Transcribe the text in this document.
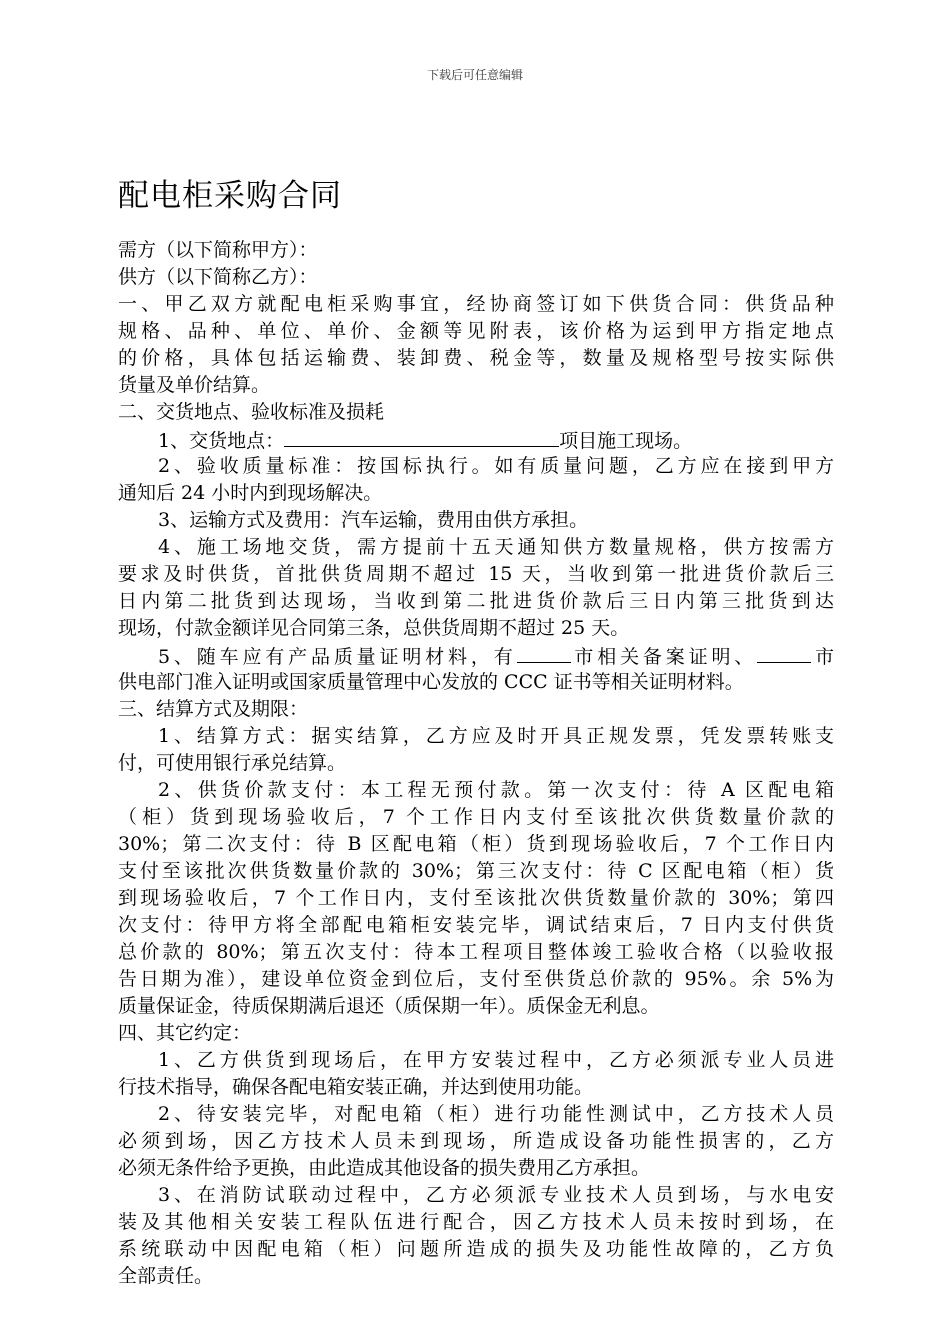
下载后可任意编辑
配电柜采购合同
需方（以下简称甲方）：
供方（以下简称乙方）：
一、甲乙双方就配电柜采购事宜，经协商签订如下供货合同：供货品种
规格、品种、单位、单价、金额等见附表，该价格为运到甲方指定地点
的价格，具体包括运输费、装卸费、税金等，数量及规格型号按实际供
货量及单价结算。
二、交货地点、验收标准及损耗
1、交货地点：	项目施工现场。
2、验收质量标准：按国标执行。如有质量问题，乙方应在接到甲方
通知后 24 小时内到现场解决。
3、运输方式及费用：汽车运输，费用由供方承担。
4、施工场地交货，需方提前十五天通知供方数量规格，供方按需方
要求及时供货，首批供货周期不超过 15 天，当收到第一批进货价款后三
日内第二批货到达现场，当收到第二批进货价款后三日内第三批货到达
现场，付款金额详见合同第三条，总供货周期不超过 25 天。
5、随车应有产品质量证明材料，有	市相关备案证明、	市
供电部门准入证明或国家质量管理中心发放的 CCC 证书等相关证明材料。
三、结算方式及期限：
1、结算方式：据实结算，乙方应及时开具正规发票，凭发票转账支
付，可使用银行承兑结算。
2、供货价款支付：本工程无预付款。第一次支付：待 A 区配电箱
（柜）货到现场验收后，7 个工作日内支付至该批次供货数量价款的
30%；第二次支付：待 B 区配电箱（柜）货到现场验收后，7 个工作日内
支付至该批次供货数量价款的 30%；第三次支付：待 C 区配电箱（柜）货
到现场验收后，7 个工作日内，支付至该批次供货数量价款的 30%；第四
次支付：待甲方将全部配电箱柜安装完毕，调试结束后，7 日内支付供货
总价款的 80%；第五次支付：待本工程项目整体竣工验收合格（以验收报
告日期为准），建设单位资金到位后，支付至供货总价款的 95%。余 5%为
质量保证金，待质保期满后退还（质保期一年）。质保金无利息。
四、其它约定：
1、乙方供货到现场后，在甲方安装过程中，乙方必须派专业人员进
行技术指导，确保各配电箱安装正确，并达到使用功能。
2、待安装完毕，对配电箱（柜）进行功能性测试中，乙方技术人员
必须到场，因乙方技术人员未到现场，所造成设备功能性损害的，乙方
必须无条件给予更换，由此造成其他设备的损失费用乙方承担。
3、在消防试联动过程中，乙方必须派专业技术人员到场，与水电安
装及其他相关安装工程队伍进行配合，因乙方技术人员未按时到场，在
系统联动中因配电箱（柜）问题所造成的损失及功能性故障的，乙方负
全部责任。
